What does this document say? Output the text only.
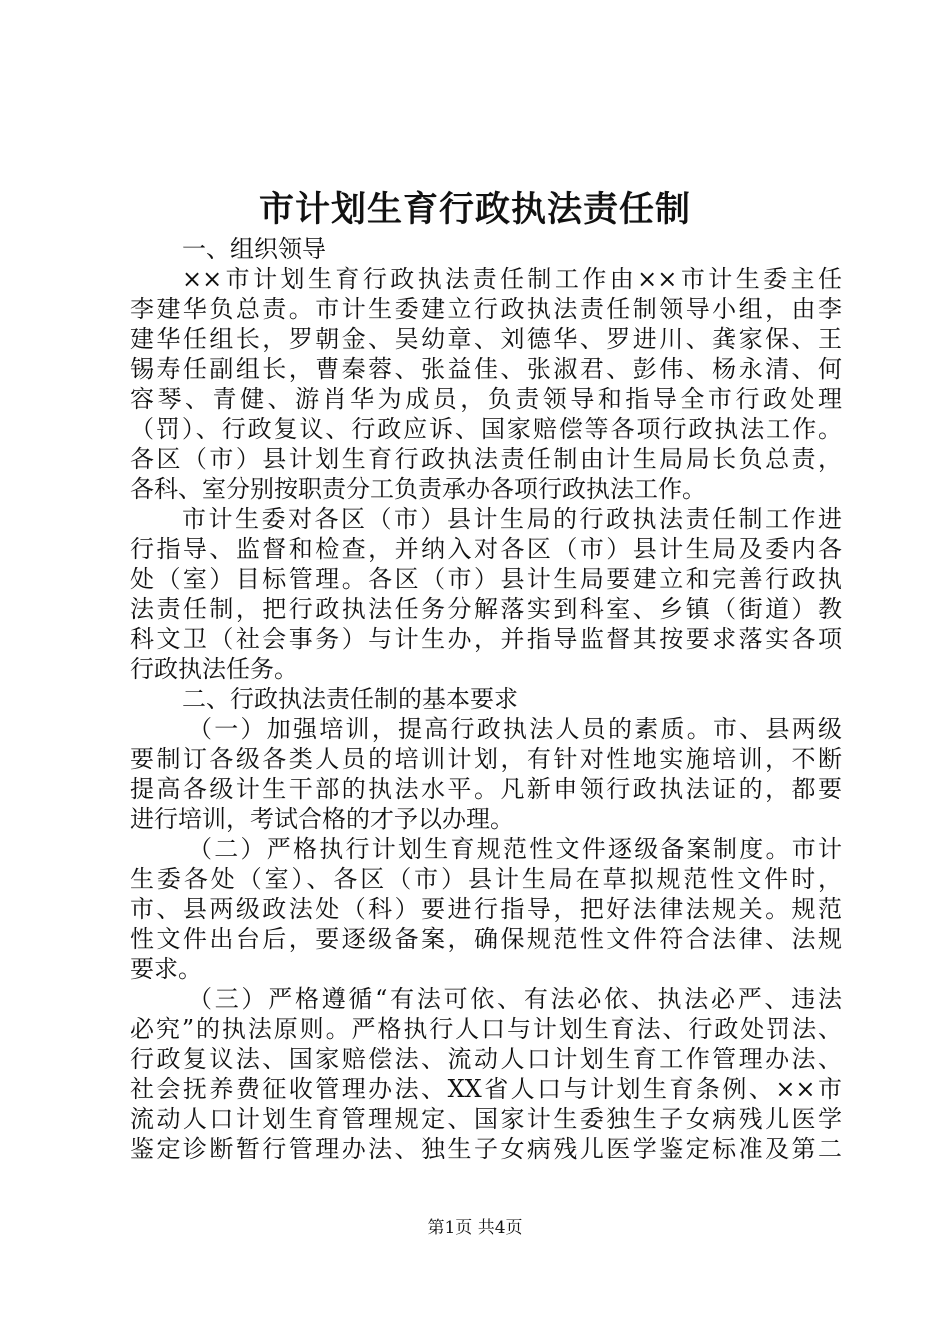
市计划生育行政执法责任制
一、组织领导
××市计划生育行政执法责任制工作由××市计生委主任
李建华负总责。市计生委建立行政执法责任制领导小组，由李
建华任组长，罗朝金、吴幼章、刘德华、罗进川、龚家保、王
锡寿任副组长，曹秦蓉、张益佳、张淑君、彭伟、杨永清、何
容琴、青健、游肖华为成员，负责领导和指导全市行政处理
（罚）、行政复议、行政应诉、国家赔偿等各项行政执法工作。
各区（市）县计划生育行政执法责任制由计生局局长负总责，
各科、室分别按职责分工负责承办各项行政执法工作。
市计生委对各区（市）县计生局的行政执法责任制工作进
行指导、监督和检查，并纳入对各区（市）县计生局及委内各
处（室）目标管理。各区（市）县计生局要建立和完善行政执
法责任制，把行政执法任务分解落实到科室、乡镇（街道）教
科文卫（社会事务）与计生办，并指导监督其按要求落实各项
行政执法任务。
二、行政执法责任制的基本要求
（一）加强培训，提高行政执法人员的素质。市、县两级
要制订各级各类人员的培训计划，有针对性地实施培训，不断
提高各级计生干部的执法水平。凡新申领行政执法证的，都要
进行培训，考试合格的才予以办理。
（二）严格执行计划生育规范性文件逐级备案制度。市计
生委各处（室）、各区（市）县计生局在草拟规范性文件时，
市、县两级政法处（科）要进行指导，把好法律法规关。规范
性文件出台后，要逐级备案，确保规范性文件符合法律、法规
要求。
（三）严格遵循“有法可依、有法必依、执法必严、违法
必究”的执法原则。严格执行人口与计划生育法、行政处罚法、
行政复议法、国家赔偿法、流动人口计划生育工作管理办法、
社会抚养费征收管理办法、XX省人口与计划生育条例、××市
流动人口计划生育管理规定、国家计生委独生子女病残儿医学
鉴定诊断暂行管理办法、独生子女病残儿医学鉴定标准及第二
第1页 共4页
